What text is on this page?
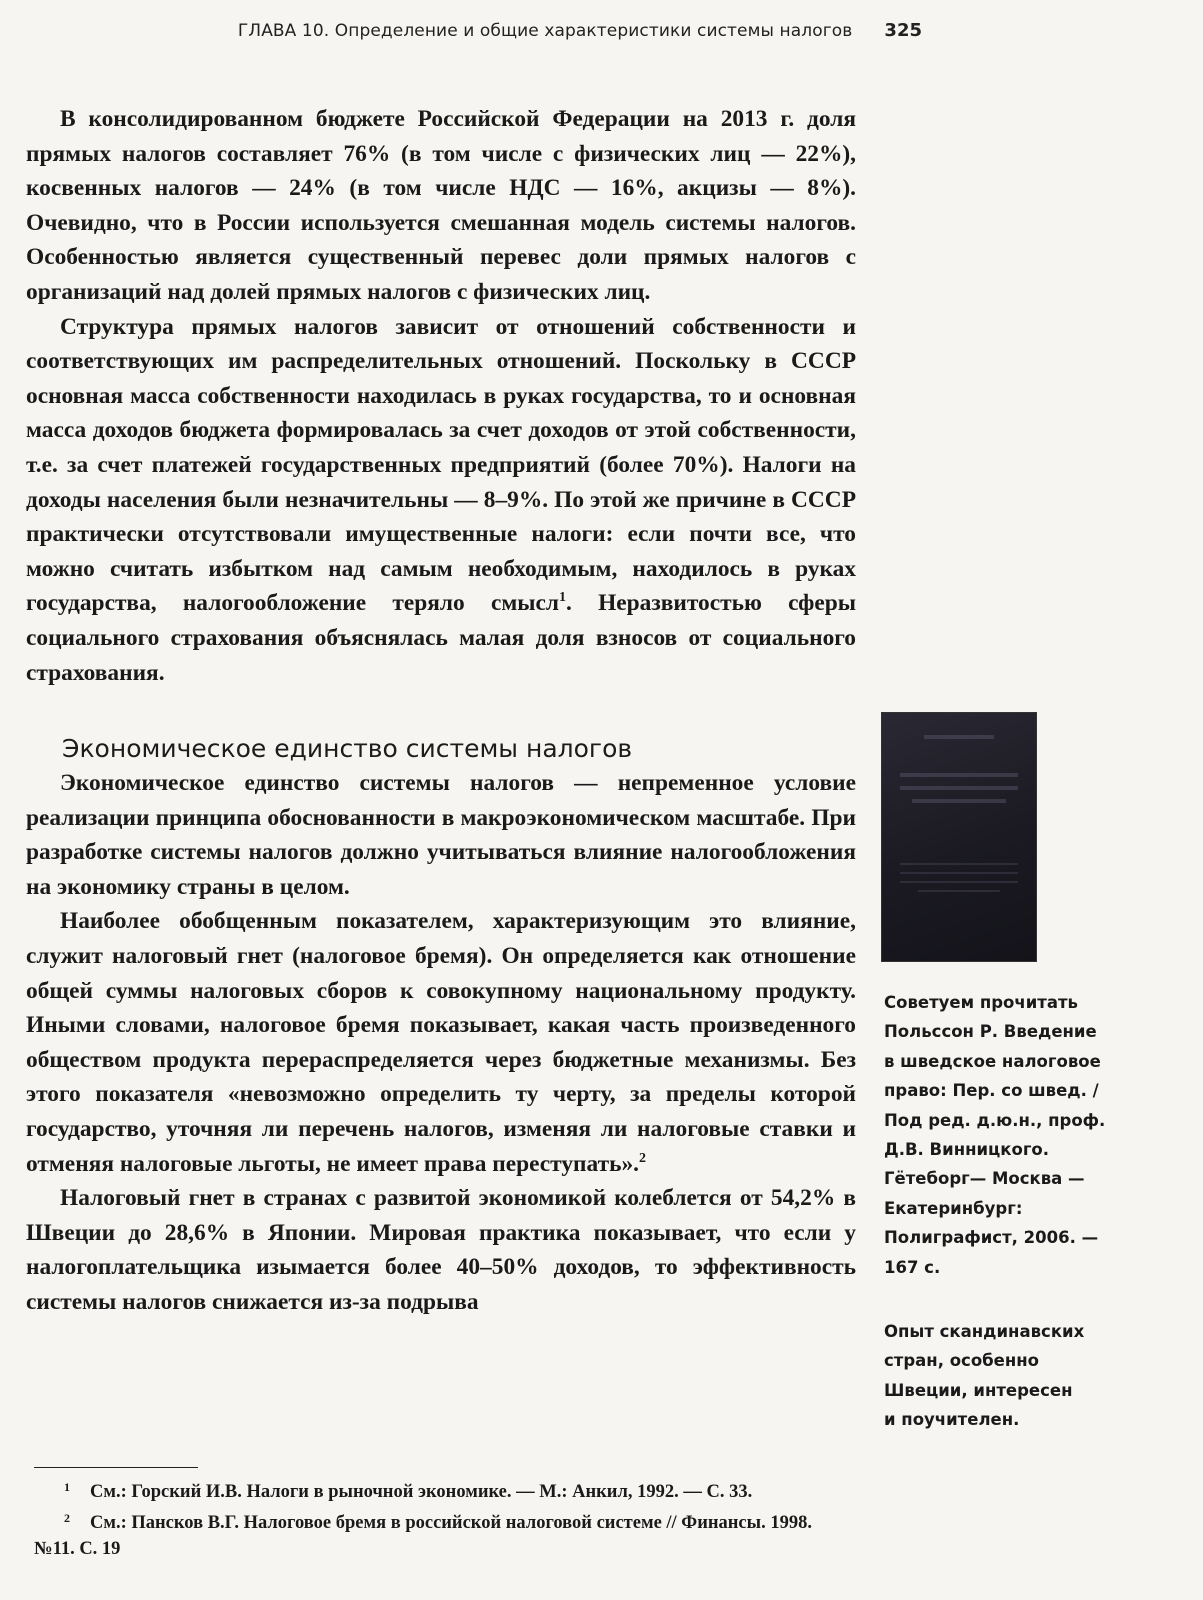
ГЛАВА 10. Определение и общие характеристики системы налогов 325

В консолидированном бюджете Российской Федерации на 2013 г. доля прямых налогов составляет 76% (в том числе с физических лиц — 22%), косвенных налогов — 24% (в том числе НДС — 16%, акцизы — 8%). Очевидно, что в России используется смешанная модель системы налогов. Особенностью является существенный перевес доли прямых налогов с организаций над долей прямых налогов с физических лиц.

Структура прямых налогов зависит от отношений собственности и соответствующих им распределительных отношений. Поскольку в СССР основная масса собственности находилась в руках государства, то и основная масса доходов бюджета формировалась за счет доходов от этой собственности, т.е. за счет платежей государственных предприятий (более 70%). Налоги на доходы населения были незначительны — 8–9%. По этой же причине в СССР практически отсутствовали имущественные налоги: если почти все, что можно считать избытком над самым необходимым, находилось в руках государства, налогообложение теряло смысл$^1$. Неразвитостью сферы социального страхования объяснялась малая доля взносов от социального страхования.

Экономическое единство системы налогов

Экономическое единство системы налогов — непременное условие реализации принципа обоснованности в макроэкономическом масштабе. При разработке системы налогов должно учитываться влияние налогообложения на экономику страны в целом.

Наиболее обобщенным показателем, характеризующим это влияние, служит налоговый гнет (налоговое бремя). Он определяется как отношение общей суммы налоговых сборов к совокупному национальному продукту. Иными словами, налоговое бремя показывает, какая часть произведенного обществом продукта перераспределяется через бюджетные механизмы. Без этого показателя «невозможно определить ту черту, за пределы которой государство, уточняя ли перечень налогов, изменяя ли налоговые ставки и отменяя налоговые льготы, не имеет права переступать».$^2$

Налоговый гнет в странах с развитой экономикой колеблется от 54,2% в Швеции до 28,6% в Японии. Мировая практика показывает, что если у налогоплательщика изымается более 40–50% доходов, то эффективность системы налогов снижается из-за подрыва

Советуем прочитать
Польссон Р. Введение
в шведское налоговое
право: Пер. со швед. /
Под ред. д.ю.н., проф.
Д.В. Винницкого.
Гётеборг— Москва —
Екатеринбург:
Полиграфист, 2006. —
167 с.
Опыт скандинавских
стран, особенно
Швеции, интересен
и поучителен.
1 См.: Горский И.В. Налоги в рыночной экономике. — М.: Анкил, 1992. — С. 33.
2 См.: Пансков В.Г. Налоговое бремя в российской налоговой системе // Финансы. 1998. №11. С. 19
